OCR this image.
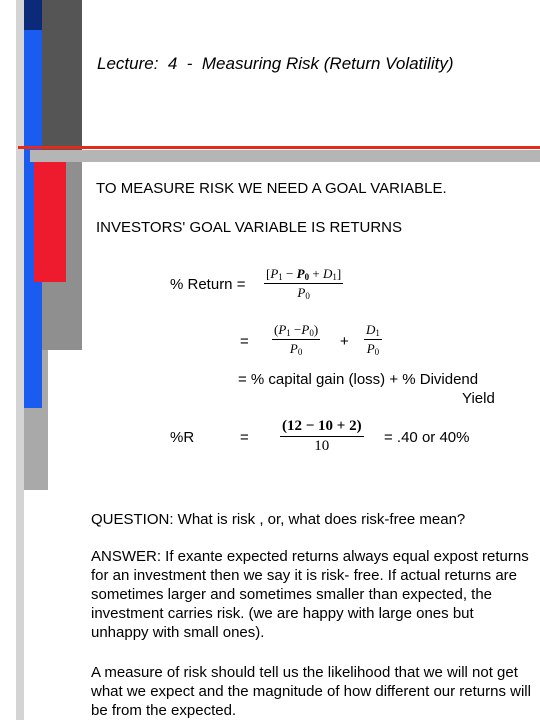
Lecture:  4  -  Measuring Risk (Return Volatility)
TO MEASURE RISK WE NEED A GOAL VARIABLE.
INVESTORS' GOAL VARIABLE IS RETURNS
% Return = $\frac{[P_1 - P_0 + D_1]}{P_0}$
= $\frac{(P_1 -P_0)}{P_0} + \frac{D_1}{P_0}$
= % capital gain (loss) + % Dividend
Yield
%R	= $\frac{(12 - 10 + 2)}{10} = .40$ or 40%
QUESTION: What is risk , or, what does risk-free mean?
ANSWER: If exante expected returns always equal expost returns for an investment then we say it is risk- free. If actual returns are sometimes larger and sometimes smaller than expected, the investment carries risk. (we are happy with large ones but unhappy with small ones).
A measure of risk should tell us the likelihood that we will not get what we expect and the magnitude of how different our returns will be from the expected.
